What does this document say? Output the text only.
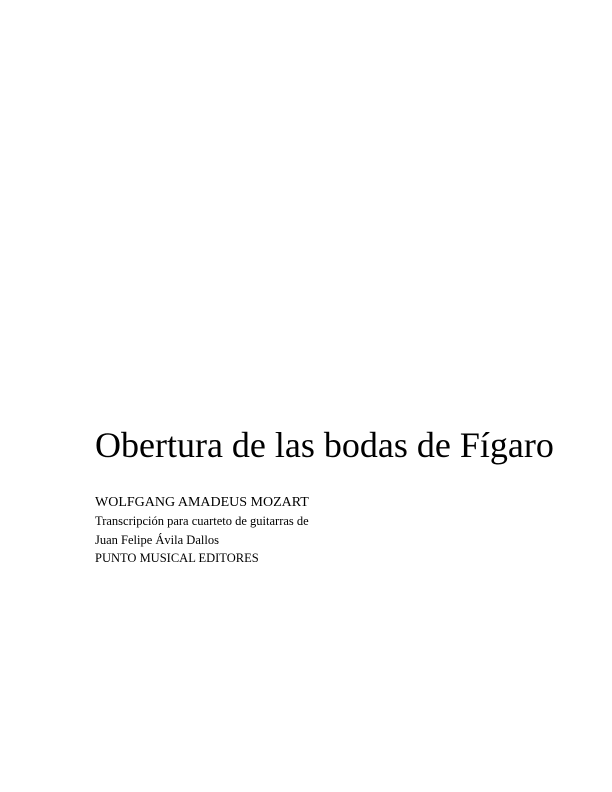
Obertura de las bodas de Fígaro
WOLFGANG AMADEUS MOZART
Transcripción para cuarteto de guitarras de
Juan Felipe Ávila Dallos
PUNTO MUSICAL EDITORES
